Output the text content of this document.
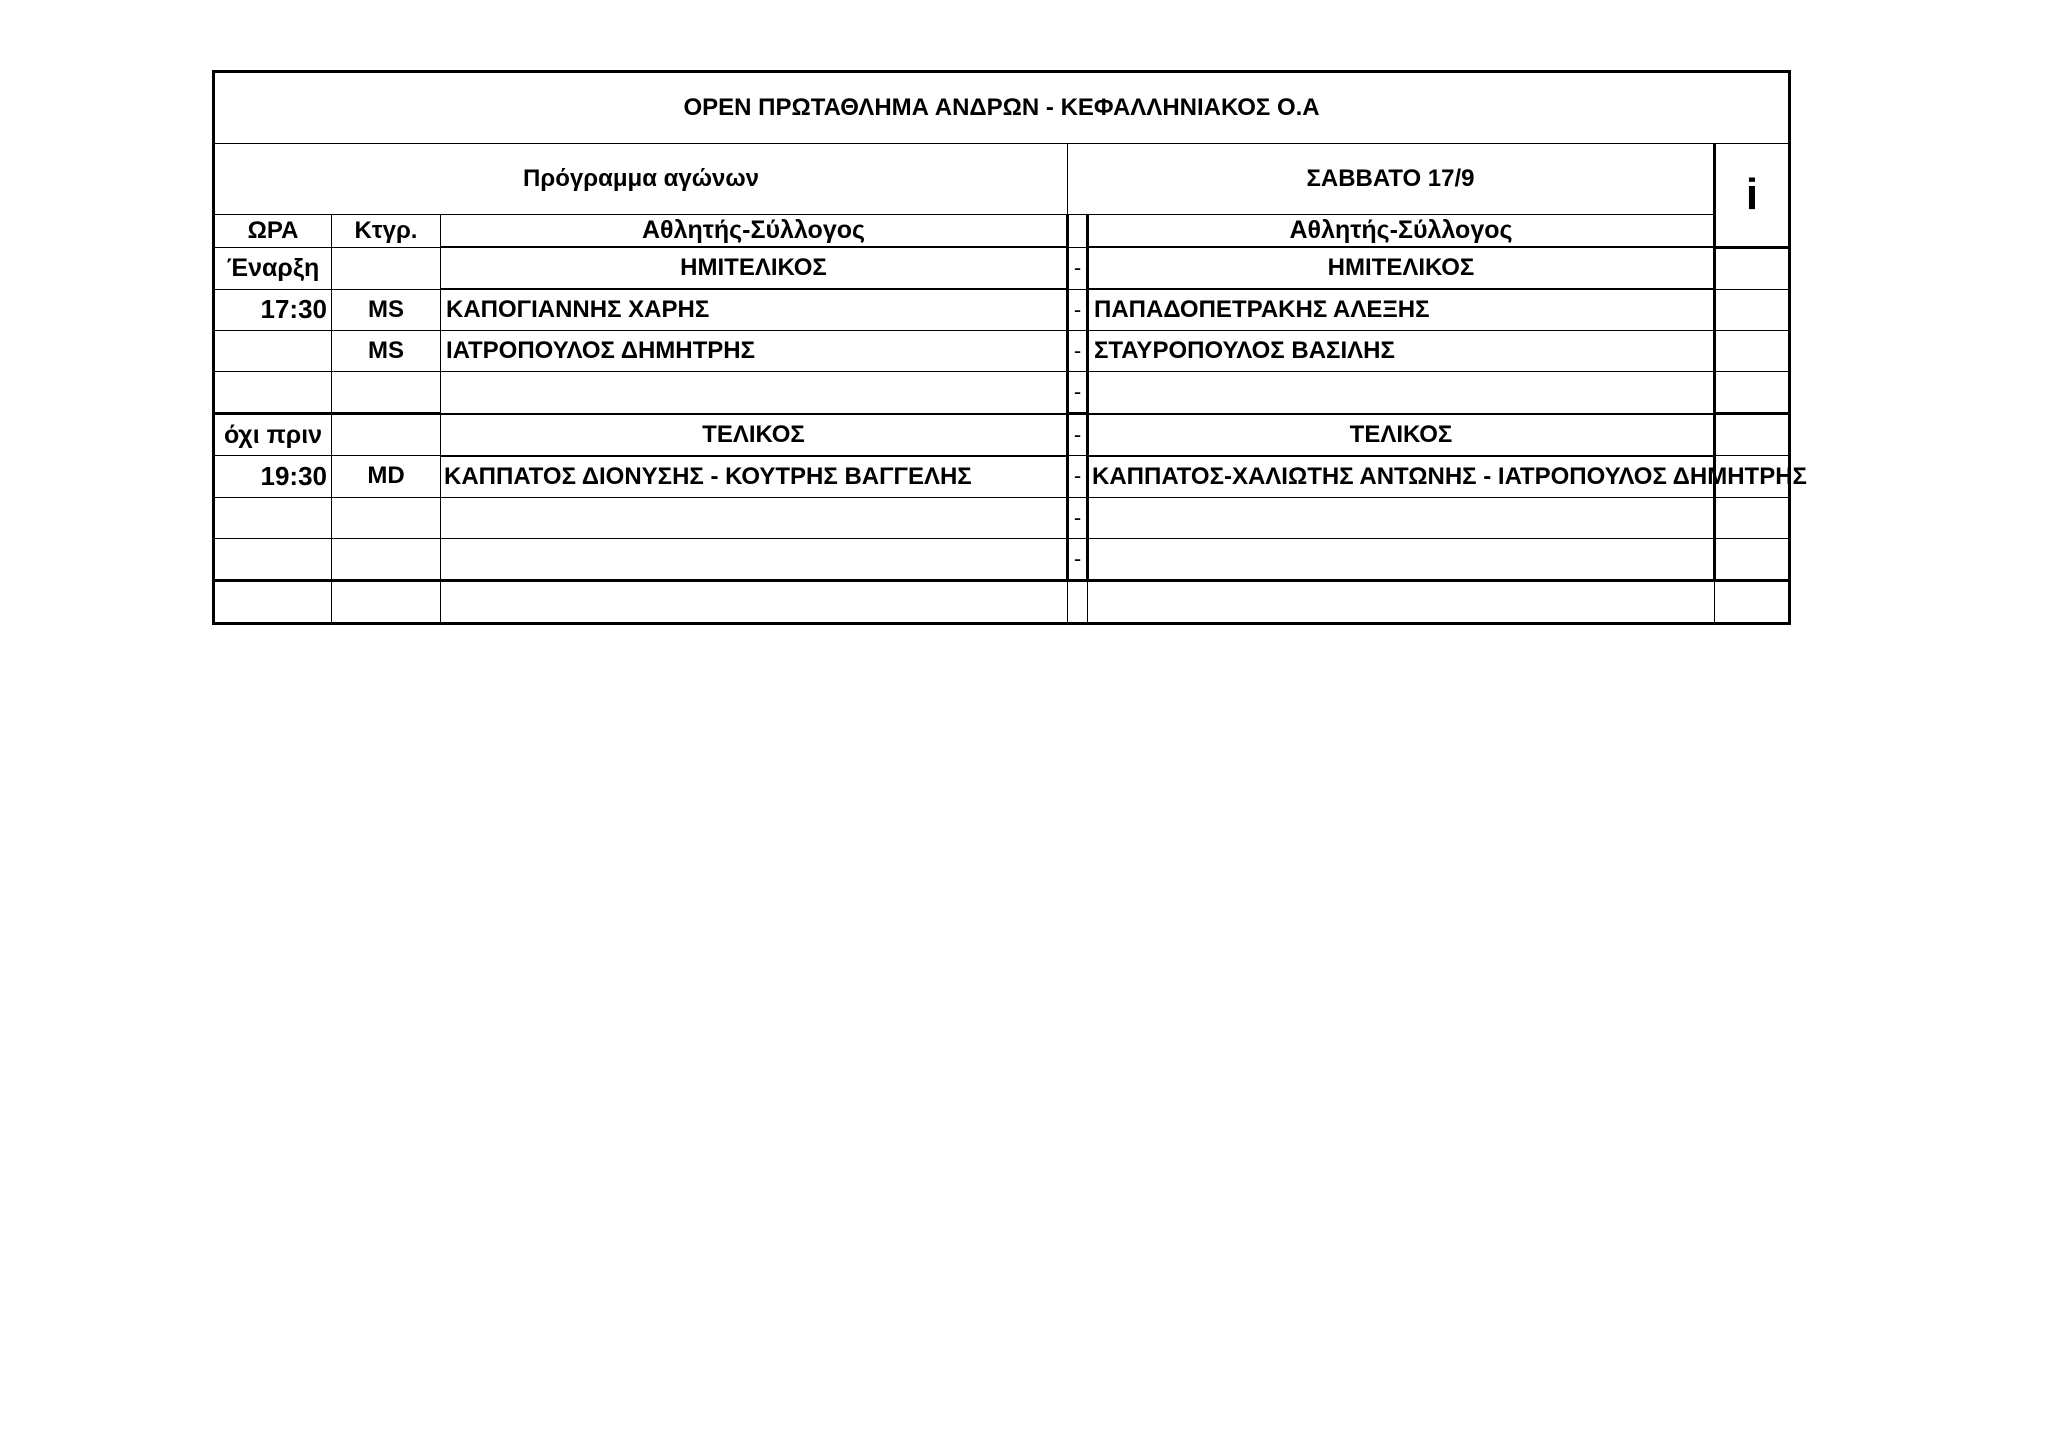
OPEN ΠΡΩΤΑΘΛΗΜΑ ΑΝΔΡΩΝ - ΚΕΦΑΛΛΗΝΙΑΚΟΣ Ο.Α					
Πρόγραμμα αγώνων			ΣΑΒΒΑΤΟ 17/9		i
ΩΡΑ	Κτγρ.	Αθλητής-Σύλλογος		Αθλητής-Σύλλογος	
Έναρξη		ΗΜΙΤΕΛΙΚΟΣ	-	ΗΜΙΤΕΛΙΚΟΣ	
17:30	MS	ΚΑΠΟΓΙΑΝΝΗΣ ΧΑΡΗΣ	-	ΠΑΠΑΔΟΠΕΤΡΑΚΗΣ ΑΛΕΞΗΣ	
	MS	ΙΑΤΡΟΠΟΥΛΟΣ ΔΗΜΗΤΡΗΣ	-	ΣΤΑΥΡΟΠΟΥΛΟΣ ΒΑΣΙΛΗΣ	
			-		
όχι πριν		ΤΕΛΙΚΟΣ	-	ΤΕΛΙΚΟΣ	
19:30	MD	ΚΑΠΠΑΤΟΣ ΔΙΟΝΥΣΗΣ - ΚΟΥΤΡΗΣ ΒΑΓΓΕΛΗΣ	-	ΚΑΠΠΑΤΟΣ-ΧΑΛΙΩΤΗΣ ΑΝΤΩΝΗΣ - ΙΑΤΡΟΠΟΥΛΟΣ ΔΗΜΗΤΡΗΣ	
			-		
			-		
